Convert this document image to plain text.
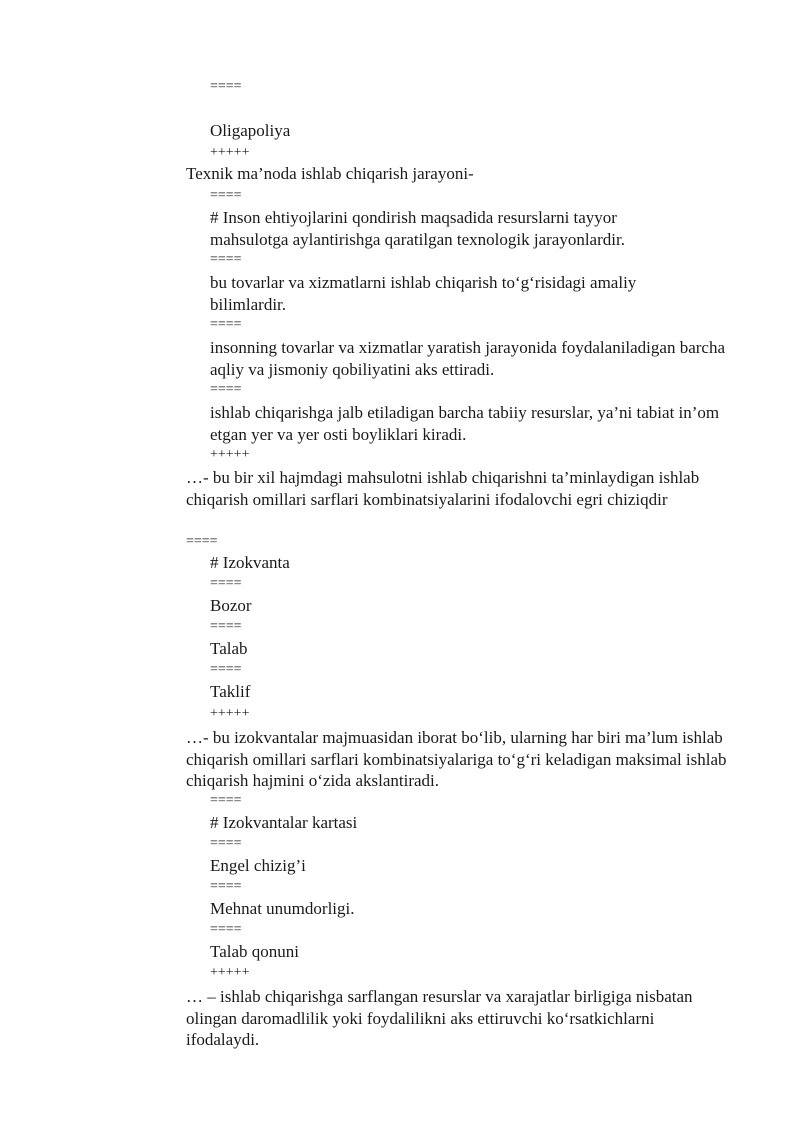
====
Oligapoliya
+++++
Texnik ma’noda ishlab chiqarish jarayoni-
====
# Inson ehtiyojlarini qondirish maqsadida resurslarni tayyor mahsulotga aylantirishga qaratilgan texnologik jarayonlardir.
====
bu tovarlar va xizmatlarni ishlab chiqarish to‘g‘risidagi amaliy bilimlardir.
====
insonning tovarlar va xizmatlar yaratish jarayonida foydalaniladigan barcha aqliy va jismoniy qobiliyatini aks ettiradi.
====
ishlab chiqarishga jalb etiladigan barcha tabiiy resurslar, ya’ni tabiat in’om etgan yer va yer osti boyliklari kiradi.
+++++
…- bu bir xil hajmdagi mahsulotni ishlab chiqarishni ta’minlaydigan ishlab chiqarish omillari sarflari kombinatsiyalarini ifodalovchi egri chiziqdir
====
# Izokvanta
====
Bozor
====
Talab
====
Taklif
+++++
…- bu izokvantalar majmuasidan iborat bo‘lib, ularning har biri ma’lum ishlab chiqarish omillari sarflari kombinatsiyalariga to‘g‘ri keladigan maksimal ishlab chiqarish hajmini o‘zida akslantiradi.
====
# Izokvantalar kartasi
====
Engel chizig’i
====
Mehnat unumdorligi.
====
Talab qonuni
+++++
… – ishlab chiqarishga sarflangan resurslar va xarajatlar birligiga nisbatan olingan daromadlilik yoki foydalilikni aks ettiruvchi ko‘rsatkichlarni ifodalaydi.
